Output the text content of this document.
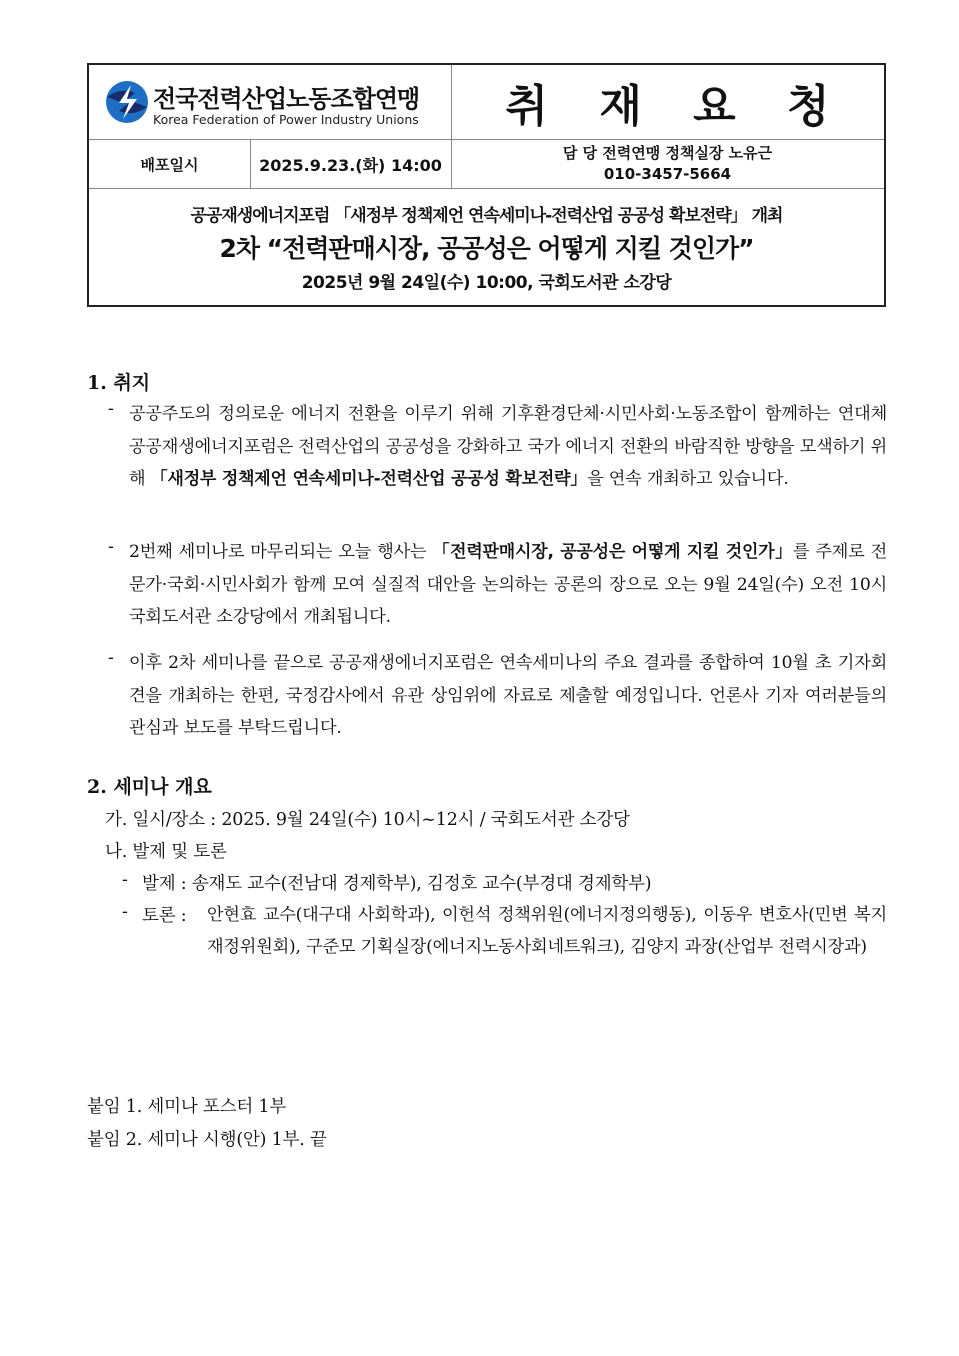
전국전력산업노동조합연맹
Korea Federation of Power Industry Unions 취 재 요 청
배포일시	2025.9.23.(화) 14:00
담 당 전력연맹 정책실장 노유근
010-3457-5664
공공재생에너지포럼 「새정부 정책제언 연속세미나-전력산업 공공성 확보전략」 개최
2차 “전력판매시장, 공공성은 어떻게 지킬 것인가”
2025년 9월 24일(수) 10:00, 국회도서관 소강당
1. 취지
- 공공주도의 정의로운 에너지 전환을 이루기 위해 기후환경단체·시민사회·노동조합이 함께하는 연대체 공공재생에너지포럼은 전력산업의 공공성을 강화하고 국가 에너지 전환의 바람직한 방향을 모색하기 위해 「새정부 정책제언 연속세미나-전력산업 공공성 확보전략」을 연속 개최하고 있습니다.
- 2번째 세미나로 마무리되는 오늘 행사는 「전력판매시장, 공공성은 어떻게 지킬 것인가」를 주제로 전문가·국회·시민사회가 함께 모여 실질적 대안을 논의하는 공론의 장으로 오는 9월 24일(수) 오전 10시 국회도서관 소강당에서 개최됩니다.
- 이후 2차 세미나를 끝으로 공공재생에너지포럼은 연속세미나의 주요 결과를 종합하여 10월 초 기자회견을 개최하는 한편, 국정감사에서 유관 상임위에 자료로 제출할 예정입니다. 언론사 기자 여러분들의 관심과 보도를 부탁드립니다.
2. 세미나 개요
가. 일시/장소 : 2025. 9월 24일(수) 10시~12시 / 국회도서관 소강당
나. 발제 및 토론
- 발제 : 송재도 교수(전남대 경제학부), 김정호 교수(부경대 경제학부)
- 토론 : 안현효 교수(대구대 사회학과), 이헌석 정책위원(에너지정의행동), 이동우 변호사(민변 복지재정위원회), 구준모 기획실장(에너지노동사회네트워크), 김양지 과장(산업부 전력시장과)
붙임 1. 세미나 포스터 1부
붙임 2. 세미나 시행(안) 1부. 끝
